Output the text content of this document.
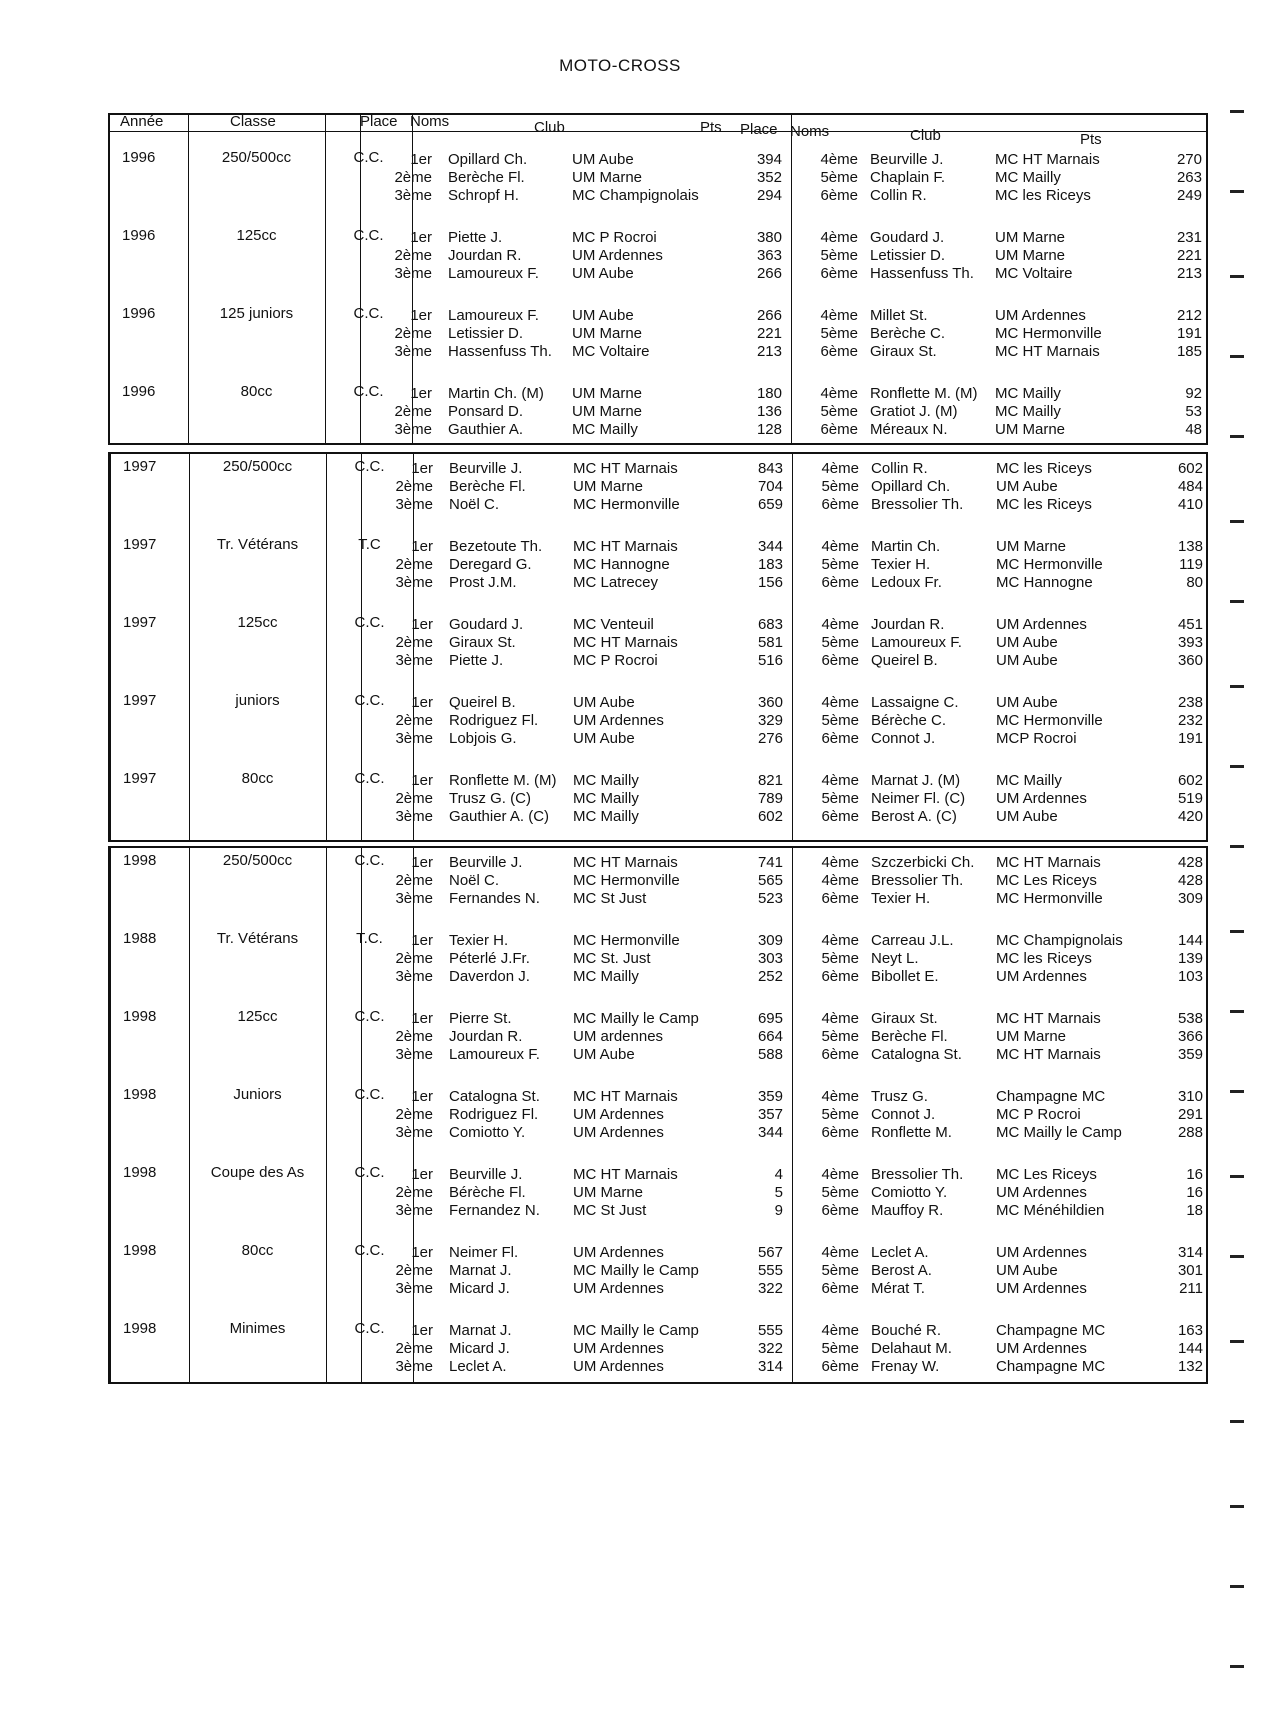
MOTO-CROSS
Année	Classe	Place Noms	Club	Pts Place Noms	Club	Pts
1996	250/500cc	C.C.	1er Opillard Ch.	UM Aube	394	4ème Beurville J.	MC HT Marnais	270
2ème Berèche Fl.	UM Marne	352	5ème Chaplain F.	MC Mailly	263
3ème Schropf H.	MC Champignolais	294	6ème Collin R.	MC les Riceys	249
1996	125cc	C.C.	1er Piette J.	MC P Rocroi	380	4ème Goudard J.	UM Marne	231
2ème Jourdan R.	UM Ardennes	363	5ème Letissier D.	UM Marne	221
3ème Lamoureux F. UM Aube	266	6ème Hassenfuss Th. MC Voltaire	213
1996	125 juniors	C.C.	1er Lamoureux F. UM Aube	266	4ème Millet St.	UM Ardennes	212
2ème Letissier D.	UM Marne	221	5ème Berèche C.	MC Hermonville	191
3ème Hassenfuss Th. MC Voltaire	213	6ème Giraux St.	MC HT Marnais	185
1996	80cc	C.C.	1er Martin Ch. (M) UM Marne	180	4ème Ronflette M. (M) MC Mailly	92
2ème Ponsard D.	UM Marne	136	5ème Gratiot J. (M) MC Mailly	53
3ème Gauthier A.	MC Mailly	128	6ème Méreaux N.	UM Marne	48
1997	250/500cc	C.C.	1er Beurville J.	MC HT Marnais	843	4ème Collin R.	MC les Riceys	602
2ème Berèche Fl.	UM Marne	704	5ème Opillard Ch.	UM Aube	484
3ème Noël C.	MC Hermonville	659	6ème Bressolier Th. MC les Riceys	410
1997	Tr. Vétérans	T.C	1er Bezetoute Th. MC HT Marnais	344	4ème Martin Ch.	UM Marne	138
2ème Deregard G.	MC Hannogne	183	5ème Texier H.	MC Hermonville	119
3ème Prost J.M.	MC Latrecey	156	6ème Ledoux Fr.	MC Hannogne	80
1997	125cc	C.C.	1er Goudard J.	MC Venteuil	683	4ème Jourdan R.	UM Ardennes	451
2ème Giraux St.	MC HT Marnais	581	5ème Lamoureux F. UM Aube	393
3ème Piette J.	MC P Rocroi	516	6ème Queirel B.	UM Aube	360
1997	juniors	C.C.	1er Queirel B.	UM Aube	360	4ème Lassaigne C. UM Aube	238
2ème Rodriguez Fl. UM Ardennes	329	5ème Bérèche C.	MC Hermonville	232
3ème Lobjois G.	UM Aube	276	6ème Connot J.	MCP Rocroi	191
1997	80cc	C.C.	1er Ronflette M. (M) MC Mailly	821	4ème Marnat J. (M) MC Mailly	602
2ème Trusz G. (C)	MC Mailly	789	5ème Neimer Fl. (C) UM Ardennes	519
3ème Gauthier A. (C) MC Mailly	602	6ème Berost A. (C)	UM Aube	420
1998	250/500cc	C.C.	1er Beurville J.	MC HT Marnais	741	4ème Szczerbicki Ch. MC HT Marnais	428
2ème Noël C.	MC Hermonville	565	4ème Bressolier Th. MC Les Riceys	428
3ème Fernandes N. MC St Just	523	6ème Texier H.	MC Hermonville	309
1988	Tr. Vétérans	T.C.	1er Texier H.	MC Hermonville	309	4ème Carreau J.L.	MC Champignolais	144
2ème Péterlé J.Fr.	MC St. Just	303	5ème Neyt L.	MC les Riceys	139
3ème Daverdon J.	MC Mailly	252	6ème Bibollet E.	UM Ardennes	103
1998	125cc	C.C.	1er Pierre St.	MC Mailly le Camp	695	4ème Giraux St.	MC HT Marnais	538
2ème Jourdan R.	UM ardennes	664	5ème Berèche Fl.	UM Marne	366
3ème Lamoureux F. UM Aube	588	6ème Catalogna St. MC HT Marnais	359
1998	Juniors	C.C.	1er Catalogna St. MC HT Marnais	359	4ème Trusz G.	Champagne MC	310
2ème Rodriguez Fl. UM Ardennes	357	5ème Connot J.	MC P Rocroi	291
3ème Comiotto Y.	UM Ardennes	344	6ème Ronflette M.	MC Mailly le Camp	288
1998	Coupe des As	C.C.	1er Beurville J.	MC HT Marnais	4	4ème Bressolier Th. MC Les Riceys	16
2ème Bérèche Fl.	UM Marne	5	5ème Comiotto Y.	UM Ardennes	16
3ème Fernandez N. MC St Just	9	6ème Mauffoy R.	MC Ménéhildien	18
1998	80cc	C.C.	1er Neimer Fl.	UM Ardennes	567	4ème Leclet A.	UM Ardennes	314
2ème Marnat J.	MC Mailly le Camp	555	5ème Berost A.	UM Aube	301
3ème Micard J.	UM Ardennes	322	6ème Mérat T.	UM Ardennes	211
1998	Minimes	C.C.	1er Marnat J.	MC Mailly le Camp	555	4ème Bouché R.	Champagne MC	163
2ème Micard J.	UM Ardennes	322	5ème Delahaut M.	UM Ardennes	144
3ème Leclet A.	UM Ardennes	314	6ème Frenay W.	Champagne MC	132
